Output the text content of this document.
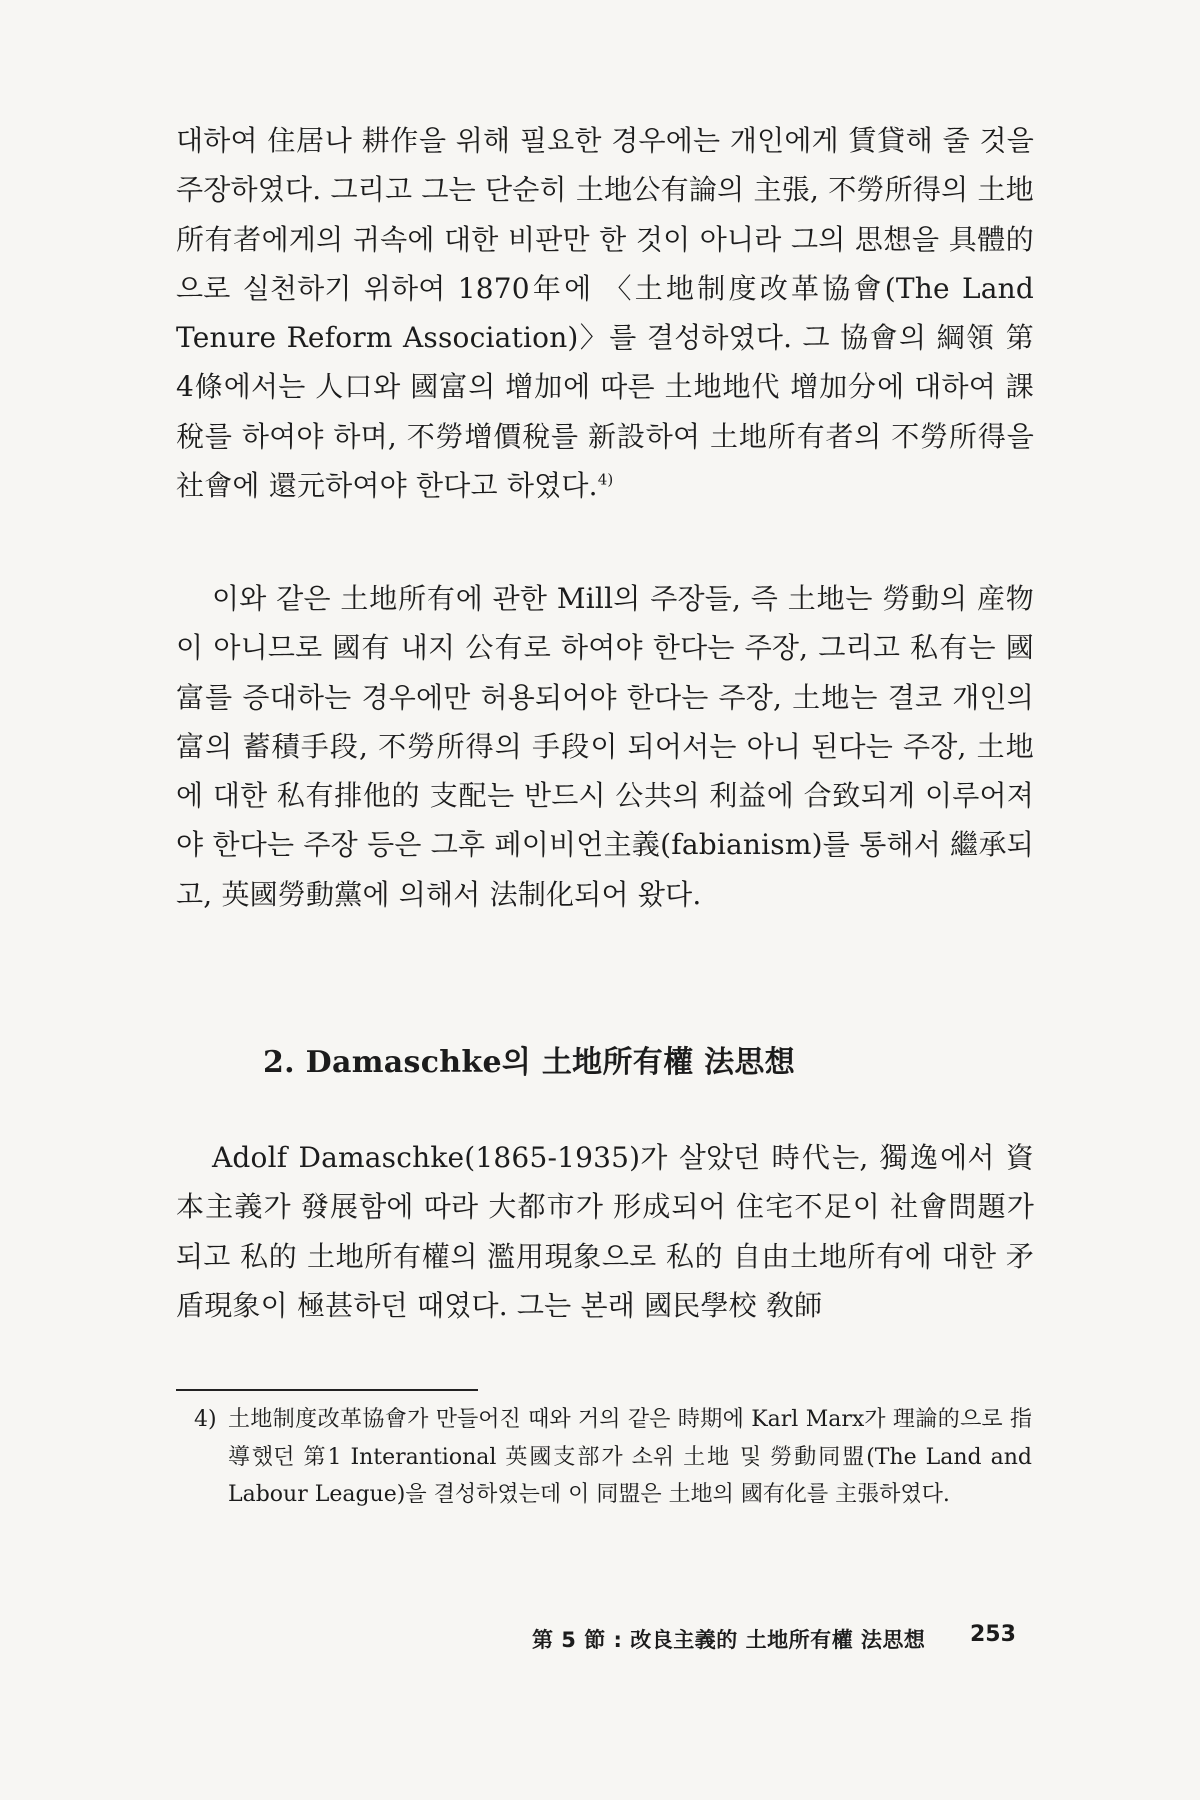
대하여 住居나 耕作을 위해 필요한 경우에는 개인에게 賃貸해 줄 것을 주장하였다. 그리고 그는 단순히 土地公有論의 主張, 不勞所得의 土地所有者에게의 귀속에 대한 비판만 한 것이 아니라 그의 思想을 具體的으로 실천하기 위하여 1870年에 〈土地制度改革協會(The Land Tenure Reform Association)〉를 결성하였다. 그 協會의 綱領 第4條에서는 人口와 國富의 增加에 따른 土地地代 增加分에 대하여 課稅를 하여야 하며, 不勞增價稅를 新設하여 土地所有者의 不勞所得을 社會에 還元하여야 한다고 하였다.$^{4)}$

이와 같은 土地所有에 관한 Mill의 주장들, 즉 土地는 勞動의 産物이 아니므로 國有 내지 公有로 하여야 한다는 주장, 그리고 私有는 國富를 증대하는 경우에만 허용되어야 한다는 주장, 土地는 결코 개인의 富의 蓄積手段, 不勞所得의 手段이 되어서는 아니 된다는 주장, 土地에 대한 私有排他的 支配는 반드시 公共의 利益에 合致되게 이루어져야 한다는 주장 등은 그후 페이비언主義(fabianism)를 통해서 繼承되고, 英國勞動黨에 의해서 法制化되어 왔다.

2. Damaschke의 土地所有權 法思想

Adolf Damaschke(1865-1935)가 살았던 時代는, 獨逸에서 資本主義가 發展함에 따라 大都市가 形成되어 住宅不足이 社會問題가 되고 私的 土地所有權의 濫用現象으로 私的 自由土地所有에 대한 矛盾現象이 極甚하던 때였다. 그는 본래 國民學校 敎師

4) 土地制度改革協會가 만들어진 때와 거의 같은 時期에 Karl Marx가 理論的으로 指導했던 第1 Interantional 英國支部가 소위 土地 및 勞動同盟(The Land and Labour League)을 결성하였는데 이 同盟은 土地의 國有化를 主張하였다.

第 5 節 : 改良主義的 土地所有權 法思想 253
